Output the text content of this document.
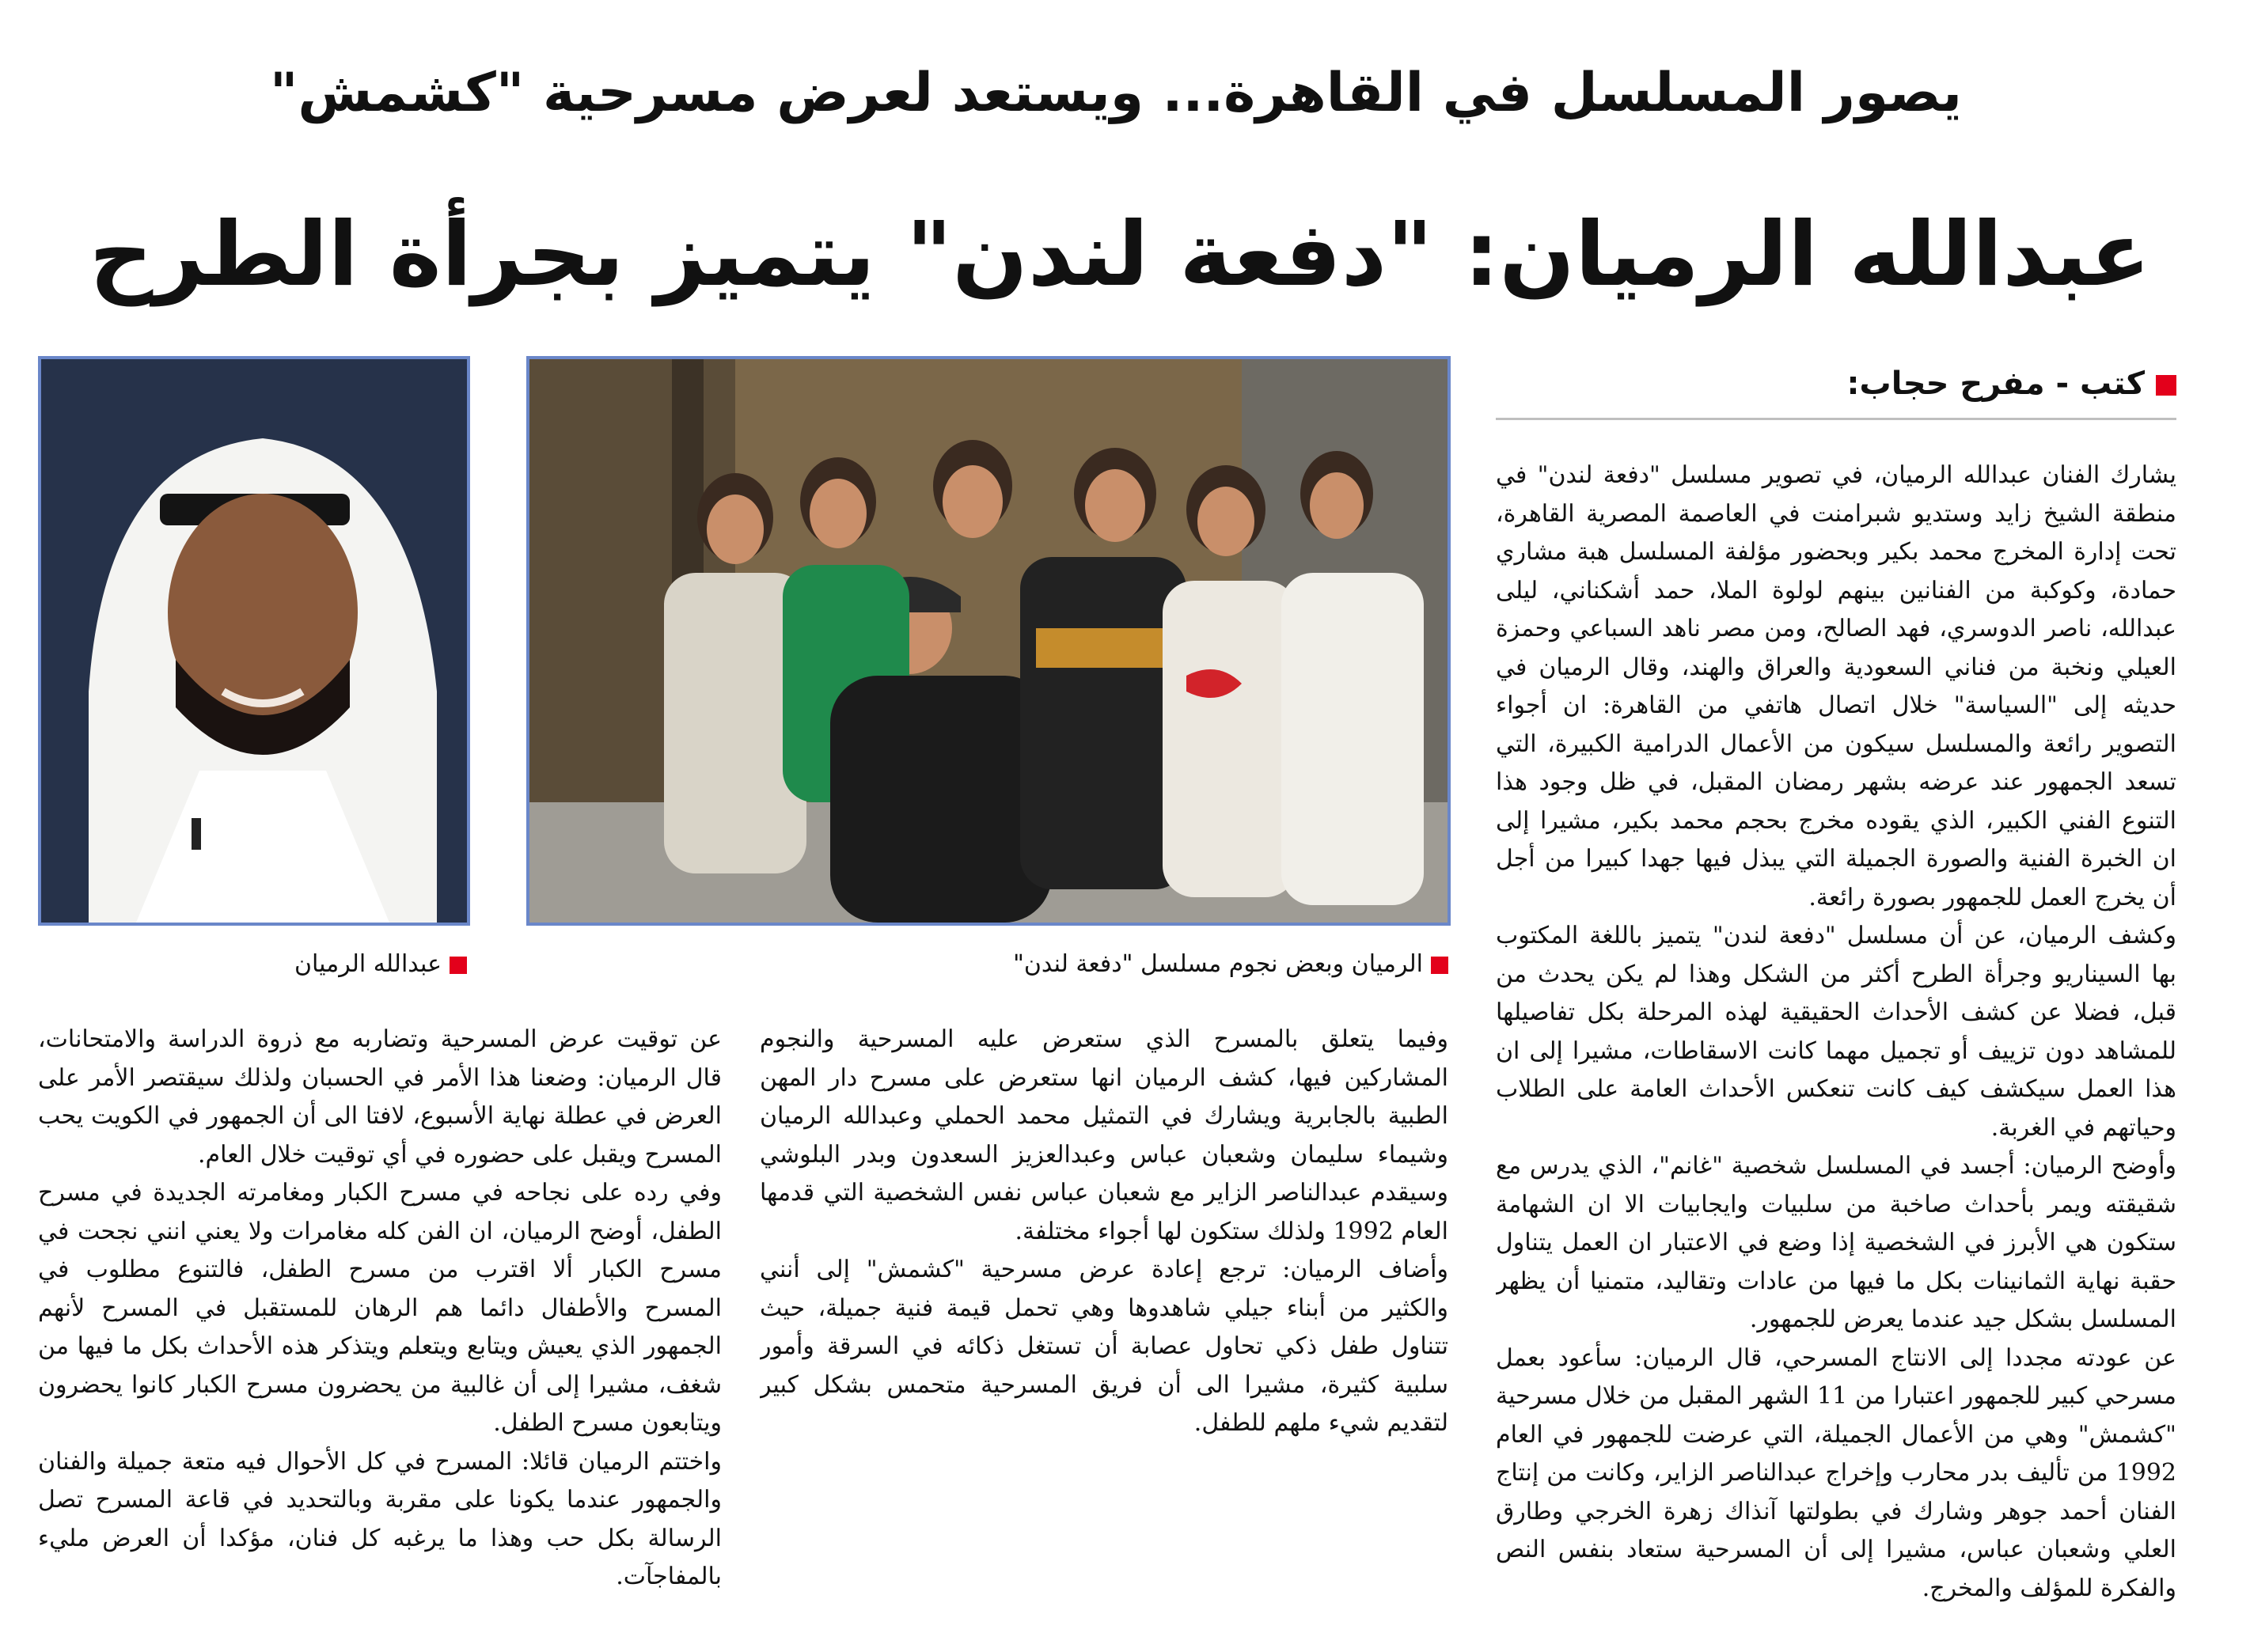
يصور المسلسل في القاهرة... ويستعد لعرض مسرحية "كشمش"
عبدالله الرميان: "دفعة لندن" يتميز بجرأة الطرح
كتب - مفرح حجاب:
الرميان وبعض نجوم مسلسل "دفعة لندن"
عبدالله الرميان

يشارك الفنان عبدالله الرميان، في تصوير مسلسل "دفعة لندن" في منطقة الشيخ زايد وستديو شبرامنت في العاصمة المصرية القاهرة، تحت إدارة المخرج محمد بكير وبحضور مؤلفة المسلسل هبة مشاري حمادة، وكوكبة من الفنانين بينهم لولوة الملا، حمد أشكناني، ليلى عبدالله، ناصر الدوسري، فهد الصالح، ومن مصر ناهد السباعي وحمزة العيلي ونخبة من فناني السعودية والعراق والهند، وقال الرميان في حديثه إلى "السياسة" خلال اتصال هاتفي من القاهرة: ان أجواء التصوير رائعة والمسلسل سيكون من الأعمال الدرامية الكبيرة، التي تسعد الجمهور عند عرضه بشهر رمضان المقبل، في ظل وجود هذا التنوع الفني الكبير، الذي يقوده مخرج بحجم محمد بكير، مشيرا إلى ان الخبرة الفنية والصورة الجميلة التي يبذل فيها جهدا كبيرا من أجل أن يخرج العمل للجمهور بصورة رائعة.

وكشف الرميان، عن أن مسلسل "دفعة لندن" يتميز باللغة المكتوب بها السيناريو وجرأة الطرح أكثر من الشكل وهذا لم يكن يحدث من قبل، فضلا عن كشف الأحداث الحقيقية لهذه المرحلة بكل تفاصيلها للمشاهد دون تزييف أو تجميل مهما كانت الاسقاطات، مشيرا إلى ان هذا العمل سيكشف كيف كانت تنعكس الأحداث العامة على الطلاب وحياتهم في الغربة.

وأوضح الرميان: أجسد في المسلسل شخصية "غانم"، الذي يدرس مع شقيقته ويمر بأحداث صاخبة من سلبيات وايجابيات الا ان الشهامة ستكون هي الأبرز في الشخصية إذا وضع في الاعتبار ان العمل يتناول حقبة نهاية الثمانينات بكل ما فيها من عادات وتقاليد، متمنيا أن يظهر المسلسل بشكل جيد عندما يعرض للجمهور.

عن عودته مجددا إلى الانتاج المسرحي، قال الرميان: سأعود بعمل مسرحي كبير للجمهور اعتبارا من 11 الشهر المقبل من خلال مسرحية "كشمش" وهي من الأعمال الجميلة، التي عرضت للجمهور في العام 1992 من تأليف بدر محارب وإخراج عبدالناصر الزاير، وكانت من إنتاج الفنان أحمد جوهر وشارك في بطولتها آنذاك زهرة الخرجي وطارق العلي وشعبان عباس، مشيرا إلى أن المسرحية ستعاد بنفس النص والفكرة للمؤلف والمخرج.

وفيما يتعلق بالمسرح الذي ستعرض عليه المسرحية والنجوم المشاركين فيها، كشف الرميان انها ستعرض على مسرح دار المهن الطبية بالجابرية ويشارك في التمثيل محمد الحملي وعبدالله الرميان وشيماء سليمان وشعبان عباس وعبدالعزيز السعدون وبدر البلوشي وسيقدم عبدالناصر الزاير مع شعبان عباس نفس الشخصية التي قدمها العام 1992 ولذلك ستكون لها أجواء مختلفة.

وأضاف الرميان: ترجع إعادة عرض مسرحية "كشمش" إلى أنني والكثير من أبناء جيلي شاهدوها وهي تحمل قيمة فنية جميلة، حيث تتناول طفل ذكي تحاول عصابة أن تستغل ذكائه في السرقة وأمور سلبية كثيرة، مشيرا الى أن فريق المسرحية متحمس بشكل كبير لتقديم شيء ملهم للطفل.

عن توقيت عرض المسرحية وتضاربه مع ذروة الدراسة والامتحانات، قال الرميان: وضعنا هذا الأمر في الحسبان ولذلك سيقتصر الأمر على العرض في عطلة نهاية الأسبوع، لافتا الى أن الجمهور في الكويت يحب المسرح ويقبل على حضوره في أي توقيت خلال العام.

وفي رده على نجاحه في مسرح الكبار ومغامرته الجديدة في مسرح الطفل، أوضح الرميان، ان الفن كله مغامرات ولا يعني انني نجحت في مسرح الكبار ألا اقترب من مسرح الطفل، فالتنوع مطلوب في المسرح والأطفال دائما هم الرهان للمستقبل في المسرح لأنهم الجمهور الذي يعيش ويتابع ويتعلم ويتذكر هذه الأحداث بكل ما فيها من شغف، مشيرا إلى أن غالبية من يحضرون مسرح الكبار كانوا يحضرون ويتابعون مسرح الطفل.

واختتم الرميان قائلا: المسرح في كل الأحوال فيه متعة جميلة والفنان والجمهور عندما يكونا على مقربة وبالتحديد في قاعة المسرح تصل الرسالة بكل حب وهذا ما يرغبه كل فنان، مؤكدا أن العرض مليء بالمفاجآت.
